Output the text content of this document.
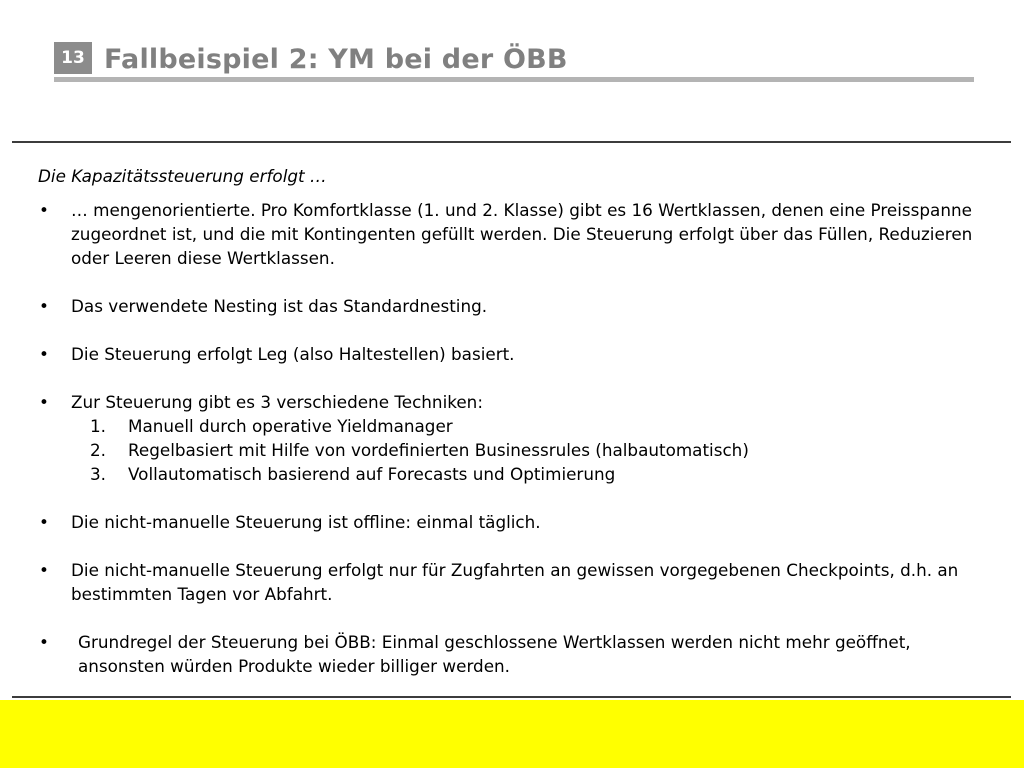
13 Fallbeispiel 2: YM bei der ÖBB

Die Kapazitätssteuerung erfolgt …

• … mengenorientierte. Pro Komfortklasse (1. und 2. Klasse) gibt es 16 Wertklassen, denen eine Preisspanne zugeordnet ist, und die mit Kontingenten gefüllt werden. Die Steuerung erfolgt über das Füllen, Reduzieren oder Leeren diese Wertklassen.
• Das verwendete Nesting ist das Standardnesting.
• Die Steuerung erfolgt Leg (also Haltestellen) basiert.
• Zur Steuerung gibt es 3 verschiedene Techniken:
1. Manuell durch operative Yieldmanager
2. Regelbasiert mit Hilfe von vordefinierten Businessrules (halbautomatisch)
3. Vollautomatisch basierend auf Forecasts und Optimierung
• Die nicht-manuelle Steuerung ist offline: einmal täglich.
• Die nicht-manuelle Steuerung erfolgt nur für Zugfahrten an gewissen vorgegebenen Checkpoints, d.h. an bestimmten Tagen vor Abfahrt.
• Grundregel der Steuerung bei ÖBB: Einmal geschlossene Wertklassen werden nicht mehr geöffnet, ansonsten würden Produkte wieder billiger werden.
